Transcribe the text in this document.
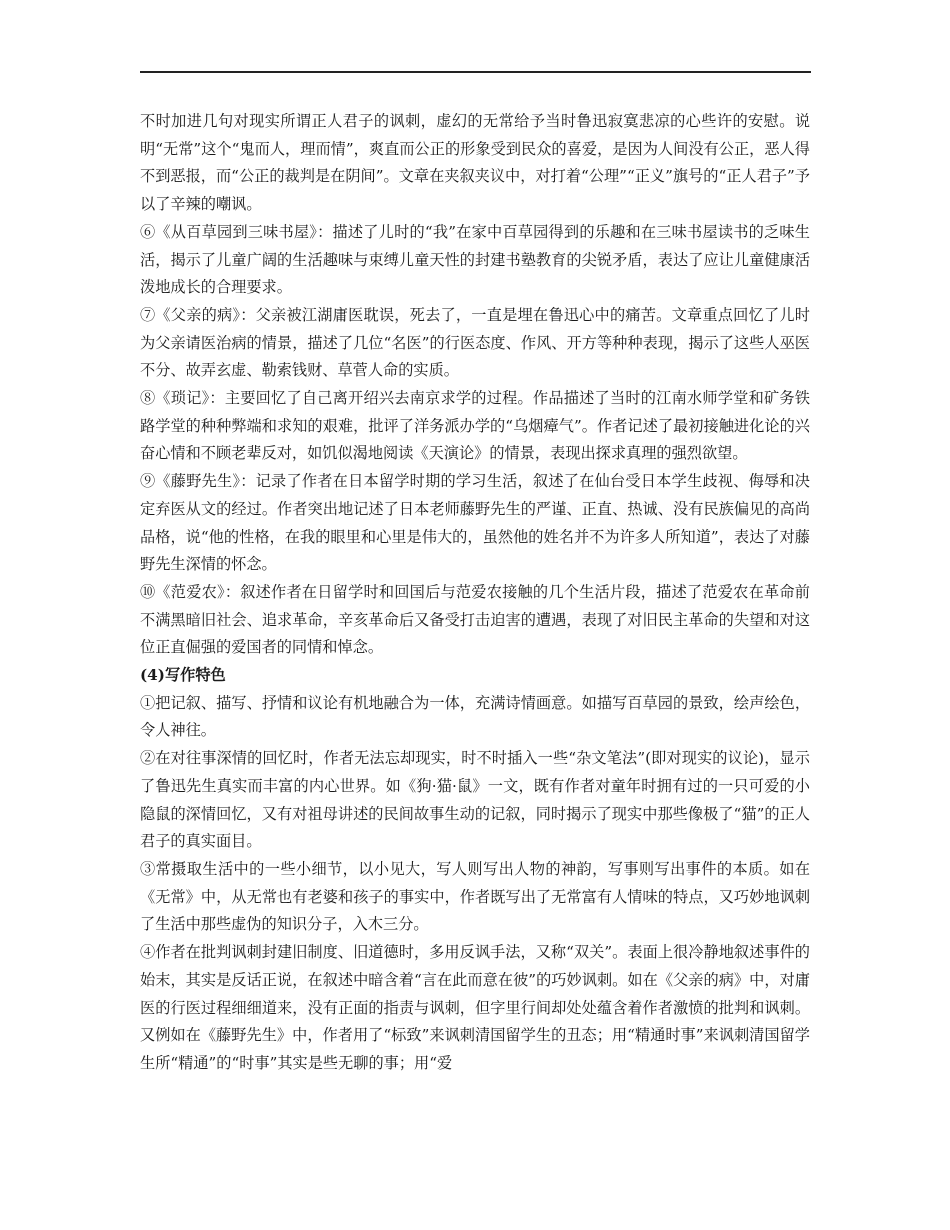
不时加进几句对现实所谓正人君子的讽刺，虚幻的无常给予当时鲁迅寂寞悲凉的心些许的安慰。说明“无常”这个“鬼而人，理而情”，爽直而公正的形象受到民众的喜爱，是因为人间没有公正，恶人得不到恶报，而“公正的裁判是在阴间”。文章在夹叙夹议中，对打着“公理”“正义”旗号的“正人君子”予以了辛辣的嘲讽。

⑥《从百草园到三味书屋》：描述了儿时的“我”在家中百草园得到的乐趣和在三味书屋读书的乏味生活，揭示了儿童广阔的生活趣味与束缚儿童天性的封建书塾教育的尖锐矛盾，表达了应让儿童健康活泼地成长的合理要求。

⑦《父亲的病》：父亲被江湖庸医耽误，死去了，一直是埋在鲁迅心中的痛苦。文章重点回忆了儿时为父亲请医治病的情景，描述了几位“名医”的行医态度、作风、开方等种种表现，揭示了这些人巫医不分、故弄玄虚、勒索钱财、草菅人命的实质。

⑧《琐记》：主要回忆了自己离开绍兴去南京求学的过程。作品描述了当时的江南水师学堂和矿务铁路学堂的种种弊端和求知的艰难，批评了洋务派办学的“乌烟瘴气”。作者记述了最初接触进化论的兴奋心情和不顾老辈反对，如饥似渴地阅读《天演论》的情景，表现出探求真理的强烈欲望。

⑨《藤野先生》：记录了作者在日本留学时期的学习生活，叙述了在仙台受日本学生歧视、侮辱和决定弃医从文的经过。作者突出地记述了日本老师藤野先生的严谨、正直、热诚、没有民族偏见的高尚品格，说“他的性格，在我的眼里和心里是伟大的，虽然他的姓名并不为许多人所知道”，表达了对藤野先生深情的怀念。

⑩《范爱农》：叙述作者在日留学时和回国后与范爱农接触的几个生活片段，描述了范爱农在革命前不满黑暗旧社会、追求革命，辛亥革命后又备受打击迫害的遭遇，表现了对旧民主革命的失望和对这位正直倔强的爱国者的同情和悼念。

(4)写作特色

①把记叙、描写、抒情和议论有机地融合为一体，充满诗情画意。如描写百草园的景致，绘声绘色，令人神往。

②在对往事深情的回忆时，作者无法忘却现实，时不时插入一些“杂文笔法”(即对现实的议论)，显示了鲁迅先生真实而丰富的内心世界。如《狗·猫·鼠》一文，既有作者对童年时拥有过的一只可爱的小隐鼠的深情回忆，又有对祖母讲述的民间故事生动的记叙，同时揭示了现实中那些像极了“猫”的正人君子的真实面目。

③常摄取生活中的一些小细节，以小见大，写人则写出人物的神韵，写事则写出事件的本质。如在《无常》中，从无常也有老婆和孩子的事实中，作者既写出了无常富有人情味的特点，又巧妙地讽刺了生活中那些虚伪的知识分子，入木三分。

④作者在批判讽刺封建旧制度、旧道德时，多用反讽手法，又称“双关”。表面上很冷静地叙述事件的始末，其实是反话正说，在叙述中暗含着“言在此而意在彼”的巧妙讽刺。如在《父亲的病》中，对庸医的行医过程细细道来，没有正面的指责与讽刺，但字里行间却处处蕴含着作者激愤的批判和讽刺。又例如在《藤野先生》中，作者用了“标致”来讽刺清国留学生的丑态；用“精通时事”来讽刺清国留学生所“精通”的“时事”其实是些无聊的事；用“爱
